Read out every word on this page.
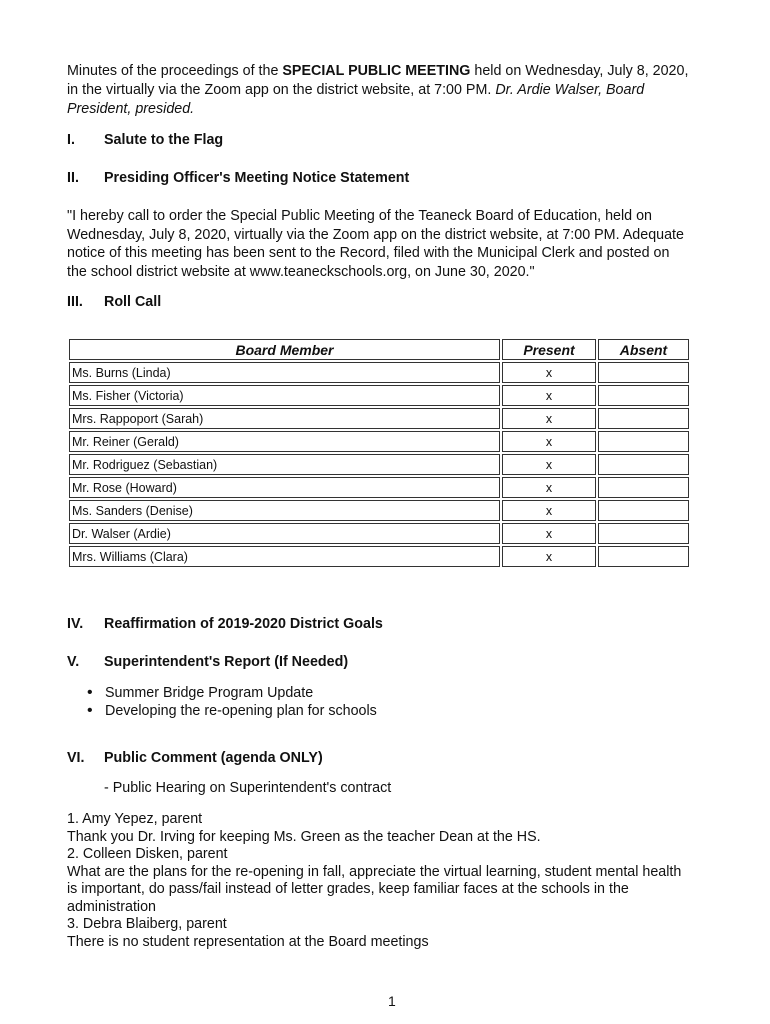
Minutes of the proceedings of the SPECIAL PUBLIC MEETING held on Wednesday, July 8, 2020, in the virtually via the Zoom app on the district website, at 7:00 PM. Dr. Ardie Walser, Board President, presided.
I. Salute to the Flag
II. Presiding Officer's Meeting Notice Statement
"I hereby call to order the Special Public Meeting of the Teaneck Board of Education, held on Wednesday, July 8, 2020, virtually via the Zoom app on the district website, at 7:00 PM. Adequate notice of this meeting has been sent to the Record, filed with the Municipal Clerk and posted on the school district website at www.teaneckschools.org, on June 30, 2020."
III. Roll Call
Board Member	Present	Absent
Ms. Burns (Linda)	x	
Ms. Fisher (Victoria)	x	
Mrs. Rappoport (Sarah)	x	
Mr. Reiner (Gerald)	x	
Mr. Rodriguez (Sebastian)	x	
Mr. Rose (Howard)	x	
Ms. Sanders (Denise)	x	
Dr. Walser (Ardie)	x	
Mrs. Williams (Clara)	x	
IV. Reaffirmation of 2019-2020 District Goals
V. Superintendent's Report (If Needed)
• Summer Bridge Program Update
• Developing the re-opening plan for schools
VI. Public Comment (agenda ONLY)
- Public Hearing on Superintendent's contract
1. Amy Yepez, parent
Thank you Dr. Irving for keeping Ms. Green as the teacher Dean at the HS.
2. Colleen Disken, parent
What are the plans for the re-opening in fall, appreciate the virtual learning, student mental health is important, do pass/fail instead of letter grades, keep familiar faces at the schools in the administration
3. Debra Blaiberg, parent
There is no student representation at the Board meetings
1
